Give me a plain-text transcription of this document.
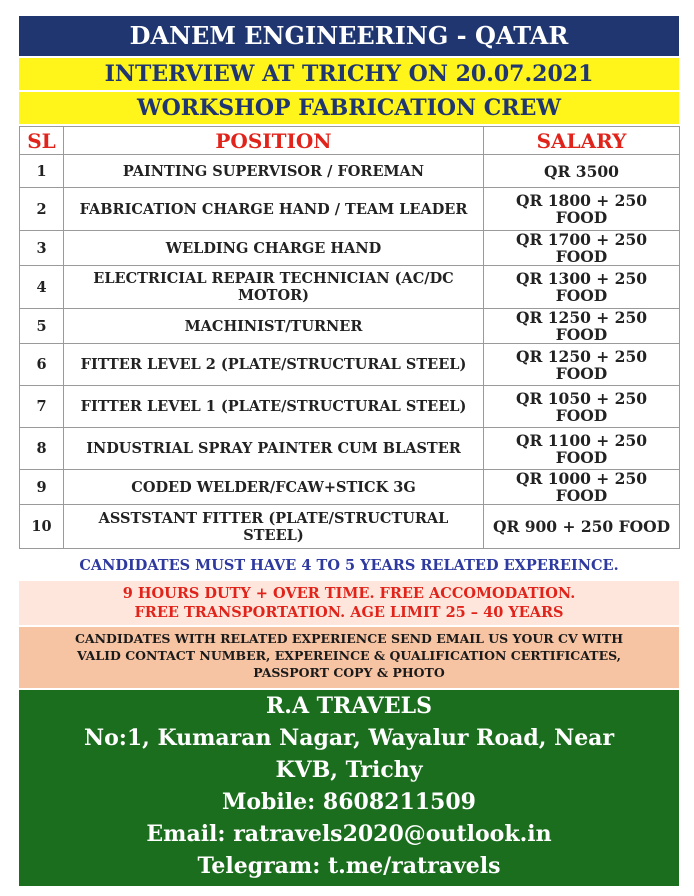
DANEM ENGINEERING - QATAR
INTERVIEW AT TRICHY ON 20.07.2021
WORKSHOP FABRICATION CREW
SL	POSITION	SALARY
1	PAINTING SUPERVISOR / FOREMAN	QR 3500
2	FABRICATION CHARGE HAND / TEAM LEADER	QR 1800 + 250 FOOD
3	WELDING CHARGE HAND	QR 1700 + 250 FOOD
4	ELECTRICIAL REPAIR TECHNICIAN (AC/DC MOTOR)	QR 1300 + 250 FOOD
5	MACHINIST/TURNER	QR 1250 + 250 FOOD
6	FITTER LEVEL 2 (PLATE/STRUCTURAL STEEL)	QR 1250 + 250 FOOD
7	FITTER LEVEL 1 (PLATE/STRUCTURAL STEEL)	QR 1050 + 250 FOOD
8	INDUSTRIAL SPRAY PAINTER CUM BLASTER	QR 1100 + 250 FOOD
9	CODED WELDER/FCAW+STICK 3G	QR 1000 + 250 FOOD
10	ASSTSTANT FITTER (PLATE/STRUCTURAL STEEL)	QR 900 + 250 FOOD
CANDIDATES MUST HAVE 4 TO 5 YEARS RELATED EXPEREINCE.
9 HOURS DUTY + OVER TIME. FREE ACCOMODATION.
FREE TRANSPORTATION. AGE LIMIT 25 – 40 YEARS
CANDIDATES WITH RELATED EXPERIENCE SEND EMAIL US YOUR CV WITH
VALID CONTACT NUMBER, EXPEREINCE & QUALIFICATION CERTIFICATES,
PASSPORT COPY & PHOTO
R.A TRAVELS
No:1, Kumaran Nagar, Wayalur Road, Near
KVB, Trichy
Mobile: 8608211509
Email: ratravels2020@outlook.in
Telegram: t.me/ratravels
